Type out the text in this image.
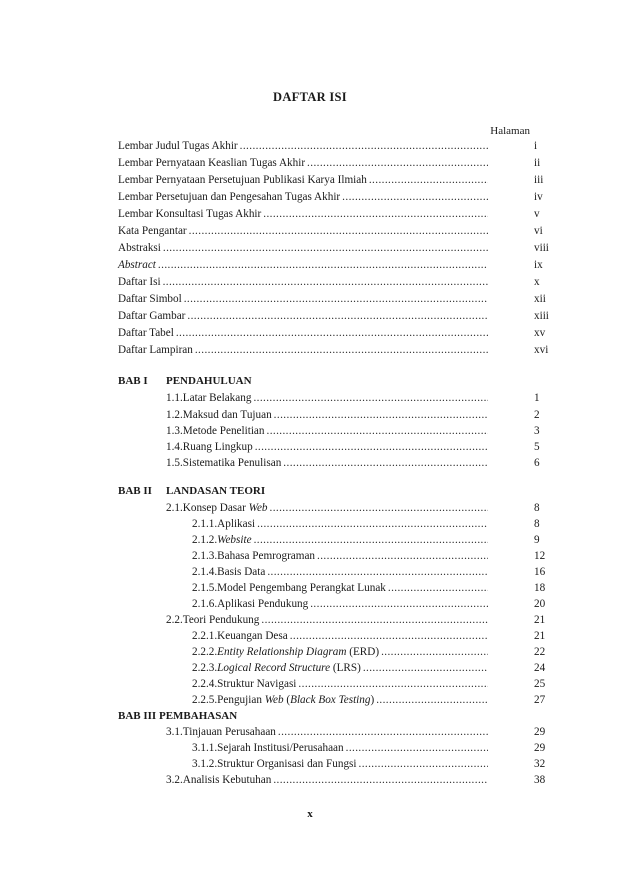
DAFTAR ISI
Halaman
Lembar Judul Tugas Akhir .....	i
Lembar Pernyataan Keaslian Tugas Akhir .....	ii
Lembar Pernyataan Persetujuan Publikasi Karya Ilmiah .....	iii
Lembar Persetujuan dan Pengesahan Tugas Akhir .....	iv
Lembar Konsultasi Tugas Akhir .....	v
Kata Pengantar .....	vi
Abstraksi .....	viii
Abstract .....	ix
Daftar Isi .....	x
Daftar Simbol .....	xii
Daftar Gambar .....	xiii
Daftar Tabel .....	xv
Daftar Lampiran .....	xvi
BAB I PENDAHULUAN
1.1. Latar Belakang .....	1
1.2. Maksud dan Tujuan .....	2
1.3. Metode Penelitian .....	3
1.4. Ruang Lingkup .....	5
1.5. Sistematika Penulisan .....	6
BAB II LANDASAN TEORI
2.1. Konsep Dasar Web .....	8
2.1.1. Aplikasi .....	8
2.1.2. Website .....	9
2.1.3. Bahasa Pemrograman .....	12
2.1.4. Basis Data .....	16
2.1.5. Model Pengembang Perangkat Lunak .....	18
2.1.6. Aplikasi Pendukung .....	20
2.2. Teori Pendukung .....	21
2.2.1. Keuangan Desa .....	21
2.2.2. Entity Relationship Diagram (ERD) .....	22
2.2.3. Logical Record Structure (LRS) .....	24
2.2.4. Struktur Navigasi .....	25
2.2.5. Pengujian Web (Black Box Testing) .....	27
BAB III PEMBAHASAN
3.1. Tinjauan Perusahaan .....	29
3.1.1. Sejarah Institusi/Perusahaan .....	29
3.1.2. Struktur Organisasi dan Fungsi .....	32
3.2. Analisis Kebutuhan .....	38
x
